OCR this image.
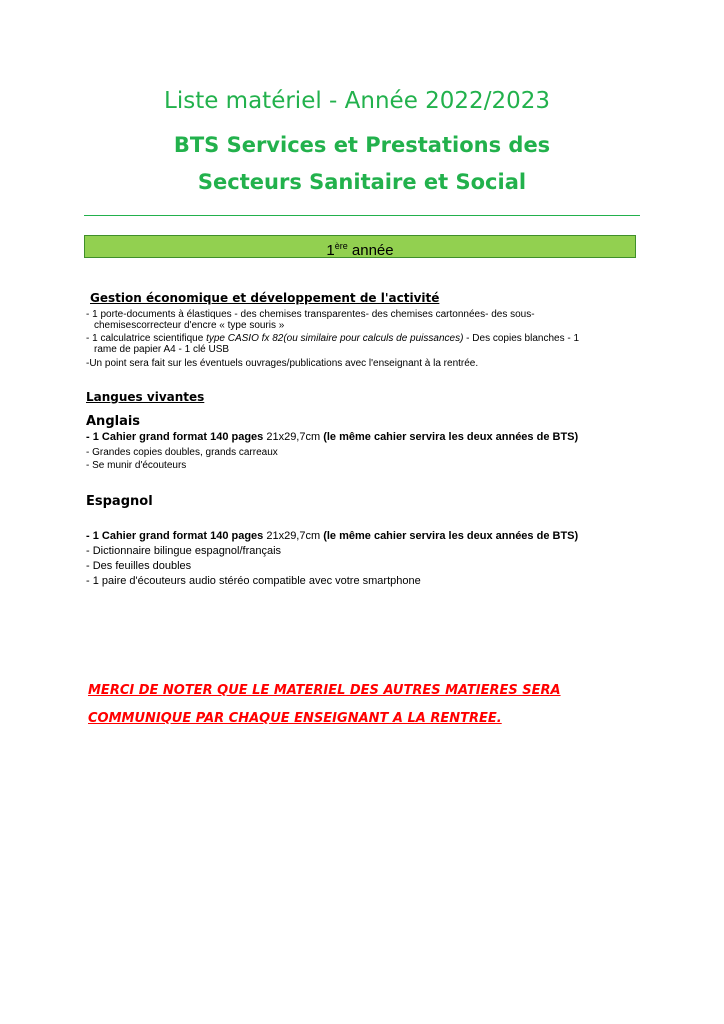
Liste matériel - Année 2022/2023
BTS Services et Prestations des
Secteurs Sanitaire et Social
1ère année
Gestion économique et développement de l'activité
- 1 porte-documents à élastiques - des chemises transparentes- des chemises cartonnées- des sous-
chemisescorrecteur d'encre « type souris »
- 1 calculatrice scientifique type CASIO fx 82(ou similaire pour calculs de puissances) - Des copies blanches - 1
rame de papier A4 - 1 clé USB
-Un point sera fait sur les éventuels ouvrages/publications avec l'enseignant à la rentrée.
Langues vivantes
Anglais
- 1 Cahier grand format 140 pages 21x29,7cm (le même cahier servira les deux années de BTS)
- Grandes copies doubles, grands carreaux
- Se munir d'écouteurs
Espagnol
- 1 Cahier grand format 140 pages 21x29,7cm (le même cahier servira les deux années de BTS)
- Dictionnaire bilingue espagnol/français
- Des feuilles doubles
- 1 paire d'écouteurs audio stéréo compatible avec votre smartphone
MERCI DE NOTER QUE LE MATERIEL DES AUTRES MATIERES SERA
COMMUNIQUE PAR CHAQUE ENSEIGNANT A LA RENTREE.
